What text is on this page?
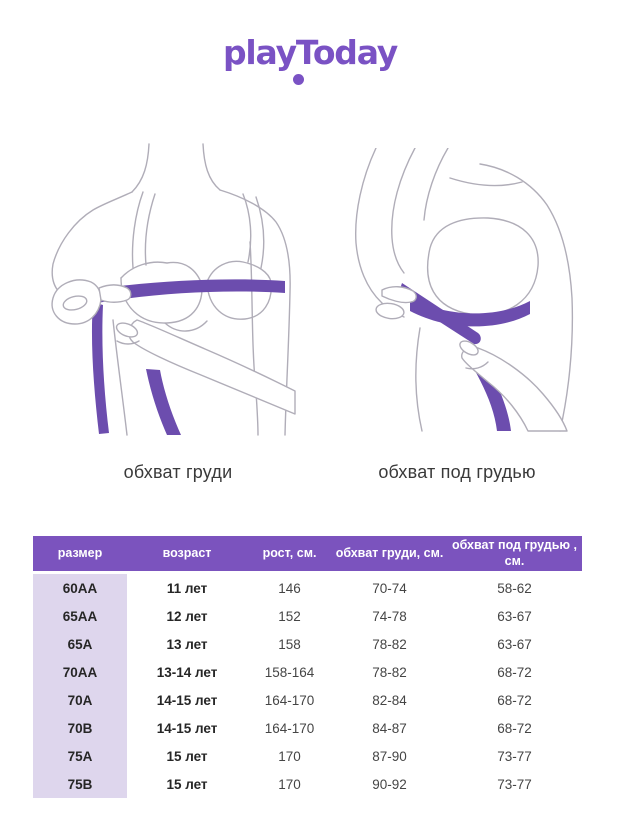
playToday
обхват груди	обхват под грудью
размер	возраст	рост, см.	обхват груди, см.	обхват под грудью , см.
60AA	11 лет	146	70-74	58-62
65AA	12 лет	152	74-78	63-67
65A	13 лет	158	78-82	63-67
70AA	13-14 лет	158-164	78-82	68-72
70A	14-15 лет	164-170	82-84	68-72
70B	14-15 лет	164-170	84-87	68-72
75A	15 лет	170	87-90	73-77
75B	15 лет	170	90-92	73-77
